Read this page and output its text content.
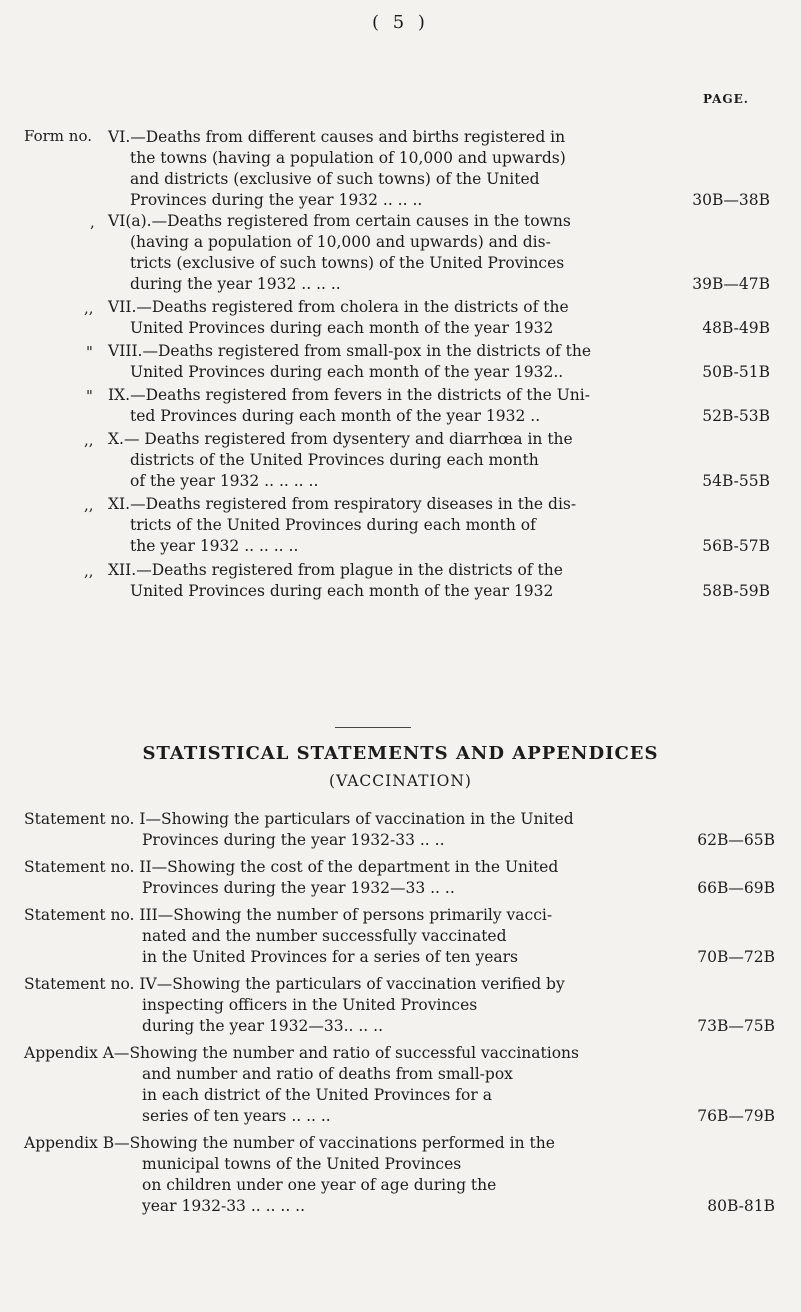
( 5 )
PAGE.
Form no. VI.—Deaths from different causes and births registered in
the towns (having a population of 10,000 and upwards)
and districts (exclusive of such towns) of the United
Provinces during the year 1932 .. .. ..	30B—38B
, VI(a).—Deaths registered from certain causes in the towns
(having a population of 10,000 and upwards) and dis-
tricts (exclusive of such towns) of the United Provinces
during the year 1932 .. .. ..	39B—47B
,, VII.—Deaths registered from cholera in the districts of the
United Provinces during each month of the year 1932	48B-49B
" VIII.—Deaths registered from small-pox in the districts of the
United Provinces during each month of the year 1932..	50B-51B
" IX.—Deaths registered from fevers in the districts of the Uni-
ted Provinces during each month of the year 1932 ..	52B-53B
,, X.— Deaths registered from dysentery and diarrhœa in the
districts of the United Provinces during each month
of the year 1932 .. .. .. ..	54B-55B
,, XI.—Deaths registered from respiratory diseases in the dis-
tricts of the United Provinces during each month of
the year 1932 .. .. .. ..	56B-57B
,, XII.—Deaths registered from plague in the districts of the
United Provinces during each month of the year 1932	58B-59B
STATISTICAL STATEMENTS AND APPENDICES
(VACCINATION)
Statement no. I—Showing the particulars of vaccination in the United
Provinces during the year 1932-33 .. ..	62B—65B
Statement no. II—Showing the cost of the department in the United
Provinces during the year 1932—33 .. ..	66B—69B
Statement no. III—Showing the number of persons primarily vacci-
nated and the number successfully vaccinated
in the United Provinces for a series of ten years	70B—72B
Statement no. IV—Showing the particulars of vaccination verified by
inspecting officers in the United Provinces
during the year 1932—33.. .. ..	73B—75B
Appendix A—Showing the number and ratio of successful vaccinations
and number and ratio of deaths from small-pox
in each district of the United Provinces for a
series of ten years .. .. ..	76B—79B
Appendix B—Showing the number of vaccinations performed in the
municipal towns of the United Provinces
on children under one year of age during the
year 1932-33 .. .. .. ..	80B-81B
